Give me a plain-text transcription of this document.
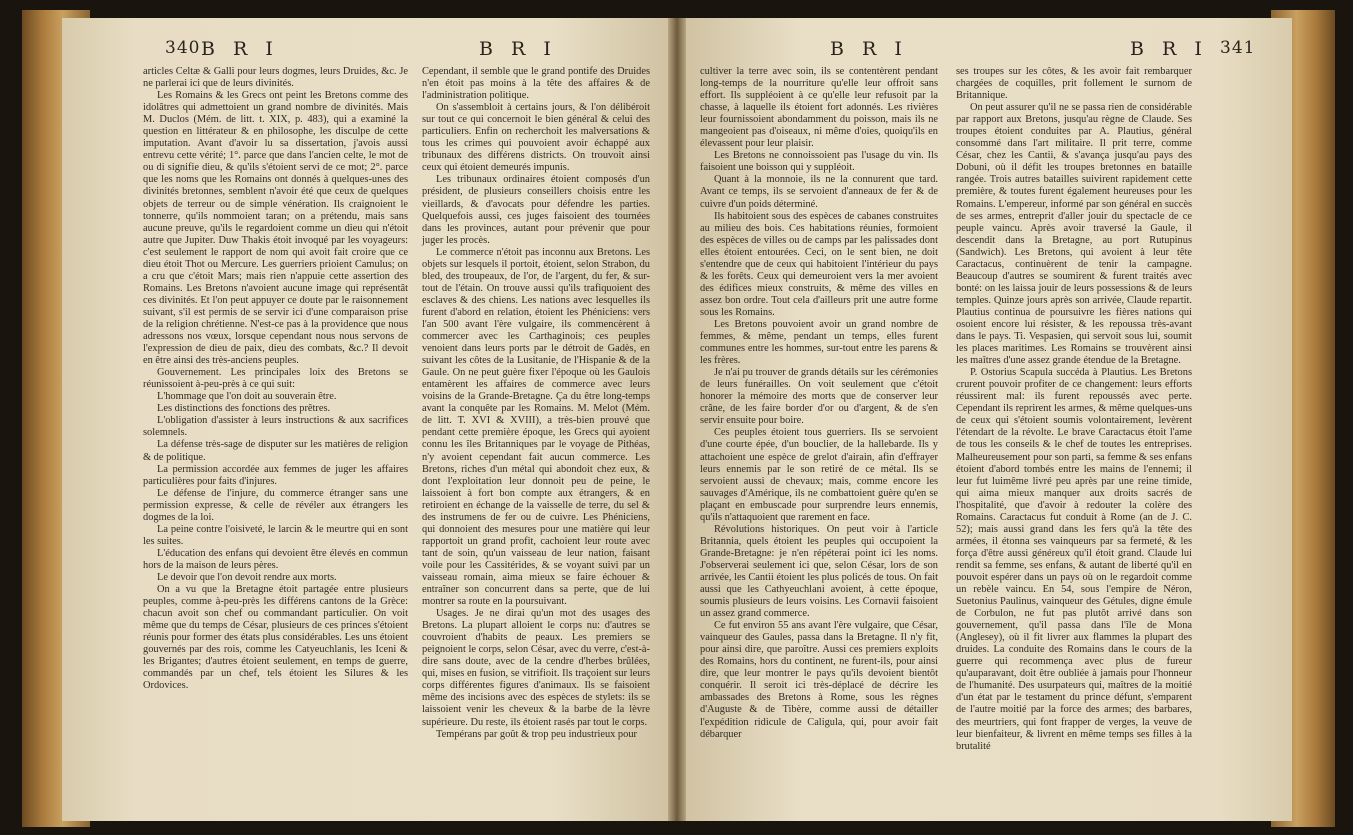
340 B R I	B R I	B R I	B R I 341

articles Celtæ & Galli pour leurs dogmes, leurs Druides, &c. Je ne parlerai ici que de leurs divinités.

Les Romains & les Grecs ont peint les Bretons comme des idolâtres qui admettoient un grand nombre de divinités. Mais M. Duclos (Mém. de litt. t. XIX, p. 483), qui a examiné la question en littérateur & en philosophe, les disculpe de cette imputation. Avant d'avoir lu sa dissertation, j'avois aussi entrevu cette vérité; 1°. parce que dans l'ancien celte, le mot de ou di signifie dieu, & qu'ils s'étoient servi de ce mot; 2°. parce que les noms que les Romains ont donnés à quelques-unes des divinités bretonnes, semblent n'avoir été que ceux de quelques objets de terreur ou de simple vénération. Ils craignoient le tonnerre, qu'ils nommoient taran; on a prétendu, mais sans aucune preuve, qu'ils le regardoient comme un dieu qui n'étoit autre que Jupiter. Duw Thakis étoit invoqué par les voyageurs: c'est seulement le rapport de nom qui avoit fait croire que ce dieu étoit Thot ou Mercure. Les guerriers prioient Camulus; on a cru que c'étoit Mars; mais rien n'appuie cette assertion des Romains. Les Bretons n'avoient aucune image qui représentât ces divinités. Et l'on peut appuyer ce doute par le raisonnement suivant, s'il est permis de se servir ici d'une comparaison prise de la religion chrétienne. N'est-ce pas à la providence que nous adressons nos vœux, lorsque cependant nous nous servons de l'expression de dieu de paix, dieu des combats, &c.? Il devoit en être ainsi des très-anciens peuples.

Gouvernement. Les principales loix des Bretons se réunissoient à-peu-près à ce qui suit:

L'hommage que l'on doit au souverain être.

Les distinctions des fonctions des prêtres.

L'obligation d'assister à leurs instructions & aux sacrifices solemnels.

La défense très-sage de disputer sur les matières de religion & de politique.

La permission accordée aux femmes de juger les affaires particulières pour faits d'injures.

Le défense de l'injure, du commerce étranger sans une permission expresse, & celle de révéler aux étrangers les dogmes de la loi.

La peine contre l'oisiveté, le larcin & le meurtre qui en sont les suites.

L'éducation des enfans qui devoient être élevés en commun hors de la maison de leurs pères.

Le devoir que l'on devoit rendre aux morts.

On a vu que la Bretagne étoit partagée entre plusieurs peuples, comme à-peu-près les différens cantons de la Grèce: chacun avoit son chef ou commandant particulier. On voit même que du temps de César, plusieurs de ces princes s'étoient réunis pour former des états plus considérables. Les uns étoient gouvernés par des rois, comme les Catyeuchlanis, les Iceni & les Brigantes; d'autres étoient seulement, en temps de guerre, commandés par un chef, tels étoient les Silures & les Ordovices.

Cependant, il semble que le grand pontife des Druides n'en étoit pas moins à la tête des affaires & de l'administration politique.

On s'assembloit à certains jours, & l'on délibéroit sur tout ce qui concernoit le bien général & celui des particuliers. Enfin on recherchoit les malversations & tous les crimes qui pouvoient avoir échappé aux tribunaux des différens districts. On trouvoit ainsi ceux qui étoient demeurés impunis.

Les tribunaux ordinaires étoient composés d'un président, de plusieurs conseillers choisis entre les vieillards, & d'avocats pour défendre les parties. Quelquefois aussi, ces juges faisoient des tournées dans les provinces, autant pour prévenir que pour juger les procès.

Le commerce n'étoit pas inconnu aux Bretons. Les objets sur lesquels il portoit, étoient, selon Strabon, du bled, des troupeaux, de l'or, de l'argent, du fer, & sur-tout de l'étain. On trouve aussi qu'ils trafiquoient des esclaves & des chiens. Les nations avec lesquelles ils furent d'abord en relation, étoient les Phéniciens: vers l'an 500 avant l'ère vulgaire, ils commencèrent à commercer avec les Carthaginois; ces peuples venoient dans leurs ports par le détroit de Gadès, en suivant les côtes de la Lusitanie, de l'Hispanie & de la Gaule. On ne peut guère fixer l'époque où les Gaulois entamèrent les affaires de commerce avec leurs voisins de la Grande-Bretagne. Ça du être long-temps avant la conquête par les Romains. M. Melot (Mém. de litt. T. XVI & XVIII), a très-bien prouvé que pendant cette première époque, les Grecs qui ayoient connu les îles Britanniques par le voyage de Pithéas, n'y avoient cependant fait aucun commerce. Les Bretons, riches d'un métal qui abondoit chez eux, & dont l'exploitation leur donnoit peu de peine, le laissoient à fort bon compte aux étrangers, & en retiroient en échange de la vaisselle de terre, du sel & des instrumens de fer ou de cuivre. Les Phéniciens, qui donnoient des mesures pour une matière qui leur rapportoit un grand profit, cachoient leur route avec tant de soin, qu'un vaisseau de leur nation, faisant voile pour les Cassitérides, & se voyant suivi par un vaisseau romain, aima mieux se faire échouer & entraîner son concurrent dans sa perte, que de lui montrer sa route en la poursuivant.

Usages. Je ne dirai qu'un mot des usages des Bretons. La plupart alloient le corps nu: d'autres se couvroient d'habits de peaux. Les premiers se peignoient le corps, selon César, avec du verre, c'est-à-dire sans doute, avec de la cendre d'herbes brûlées, qui, mises en fusion, se vitrifioit. Ils traçoient sur leurs corps différentes figures d'animaux. Ils se faisoient même des incisions avec des espèces de stylets: ils se laissoient venir les cheveux & la barbe de la lèvre supérieure. Du reste, ils étoient rasés par tout le corps.

Tempérans par goût & trop peu industrieux pour

cultiver la terre avec soin, ils se contentèrent pendant long-temps de la nourriture qu'elle leur offroit sans effort. Ils suppléoient à ce qu'elle leur refusoit par la chasse, à laquelle ils étoient fort adonnés. Les rivières leur fournissoient abondamment du poisson, mais ils ne mangeoient pas d'oiseaux, ni même d'oies, quoiqu'ils en élevassent pour leur plaisir.

Les Bretons ne connoissoient pas l'usage du vin. Ils faisoient une boisson qui y suppléoit.

Quant à la monnoie, ils ne la connurent que tard. Avant ce temps, ils se servoient d'anneaux de fer & de cuivre d'un poids déterminé.

Ils habitoient sous des espèces de cabanes construites au milieu des bois. Ces habitations réunies, formoient des espèces de villes ou de camps par les palissades dont elles étoient entourées. Ceci, on le sent bien, ne doit s'entendre que de ceux qui habitoient l'intérieur du pays & les forêts. Ceux qui demeuroient vers la mer avoient des édifices mieux construits, & même des villes en assez bon ordre. Tout cela d'ailleurs prit une autre forme sous les Romains.

Les Bretons pouvoient avoir un grand nombre de femmes, & même, pendant un temps, elles furent communes entre les hommes, sur-tout entre les parens & les frères.

Je n'ai pu trouver de grands détails sur les cérémonies de leurs funérailles. On voit seulement que c'étoit honorer la mémoire des morts que de conserver leur crâne, de les faire border d'or ou d'argent, & de s'en servir ensuite pour boire.

Ces peuples étoient tous guerriers. Ils se servoient d'une courte épée, d'un bouclier, de la hallebarde. Ils y attachoient une espèce de grelot d'airain, afin d'effrayer leurs ennemis par le son retiré de ce métal. Ils se servoient aussi de chevaux; mais, comme encore les sauvages d'Amérique, ils ne combattoient guère qu'en se plaçant en embuscade pour surprendre leurs ennemis, qu'ils n'attaquoient que rarement en face.

Révolutions historiques. On peut voir à l'article Britannia, quels étoient les peuples qui occupoient la Grande-Bretagne: je n'en répéterai point ici les noms. J'observerai seulement ici que, selon César, lors de son arrivée, les Cantii étoient les plus policés de tous. On fait aussi que les Cathyeuchlani avoient, à cette époque, soumis plusieurs de leurs voisins. Les Cornavii faisoient un assez grand commerce.

Ce fut environ 55 ans avant l'ère vulgaire, que César, vainqueur des Gaules, passa dans la Bretagne. Il n'y fit, pour ainsi dire, que paroître. Aussi ces premiers exploits des Romains, hors du continent, ne furent-ils, pour ainsi dire, que leur montrer le pays qu'ils devoient bientôt conquérir. Il seroit ici très-déplacé de décrire les ambassades des Bretons à Rome, sous les règnes d'Auguste & de Tibère, comme aussi de détailler l'expédition ridicule de Caligula, qui, pour avoir fait débarquer

ses troupes sur les côtes, & les avoir fait rembarquer chargées de coquilles, prit follement le surnom de Britannique.

On peut assurer qu'il ne se passa rien de considérable par rapport aux Bretons, jusqu'au règne de Claude. Ses troupes étoient conduites par A. Plautius, général consommé dans l'art militaire. Il prit terre, comme César, chez les Cantii, & s'avança jusqu'au pays des Dobuni, où il défit les troupes bretonnes en bataille rangée. Trois autres batailles suivirent rapidement cette première, & toutes furent également heureuses pour les Romains. L'empereur, informé par son général en succès de ses armes, entreprit d'aller jouir du spectacle de ce peuple vaincu. Après avoir traversé la Gaule, il descendit dans la Bretagne, au port Rutupinus (Sandwich). Les Bretons, qui avoient à leur tête Caractacus, continuèrent de tenir la campagne. Beaucoup d'autres se soumirent & furent traités avec bonté: on les laissa jouir de leurs possessions & de leurs temples. Quinze jours après son arrivée, Claude repartit. Plautius continua de poursuivre les fières nations qui osoient encore lui résister, & les repoussa très-avant dans le pays. Ti. Vespasien, qui servoit sous lui, soumit les places maritimes. Les Romains se trouvèrent ainsi les maîtres d'une assez grande étendue de la Bretagne.

P. Ostorius Scapula succéda à Plautius. Les Bretons crurent pouvoir profiter de ce changement: leurs efforts réussirent mal: ils furent repoussés avec perte. Cependant ils reprirent les armes, & même quelques-uns de ceux qui s'étoient soumis volontairement, levèrent l'étendart de la révolte. Le brave Caractacus étoit l'ame de tous les conseils & le chef de toutes les entreprises. Malheureusement pour son parti, sa femme & ses enfans étoient d'abord tombés entre les mains de l'ennemi; il leur fut luimême livré peu après par une reine timide, qui aima mieux manquer aux droits sacrés de l'hospitalité, que d'avoir à redouter la colère des Romains. Caractacus fut conduit à Rome (an de J. C. 52); mais aussi grand dans les fers qu'à la tête des armées, il étonna ses vainqueurs par sa fermeté, & les força d'être aussi généreux qu'il étoit grand. Claude lui rendit sa femme, ses enfans, & autant de liberté qu'il en pouvoit espérer dans un pays où on le regardoit comme un rebèle vaincu. En 54, sous l'empire de Néron, Suetonius Paulinus, vainqueur des Gétules, digne émule de Corbulon, ne fut pas plutôt arrivé dans son gouvernement, qu'il passa dans l'île de Mona (Anglesey), où il fit livrer aux flammes la plupart des druides. La conduite des Romains dans le cours de la guerre qui recommença avec plus de fureur qu'auparavant, doit être oubliée à jamais pour l'honneur de l'humanité. Des usurpateurs qui, maîtres de la moitié d'un état par le testament du prince défunt, s'emparent de l'autre moitié par la force des armes; des barbares, des meurtriers, qui font frapper de verges, la veuve de leur bienfaiteur, & livrent en même temps ses filles à la brutalité
